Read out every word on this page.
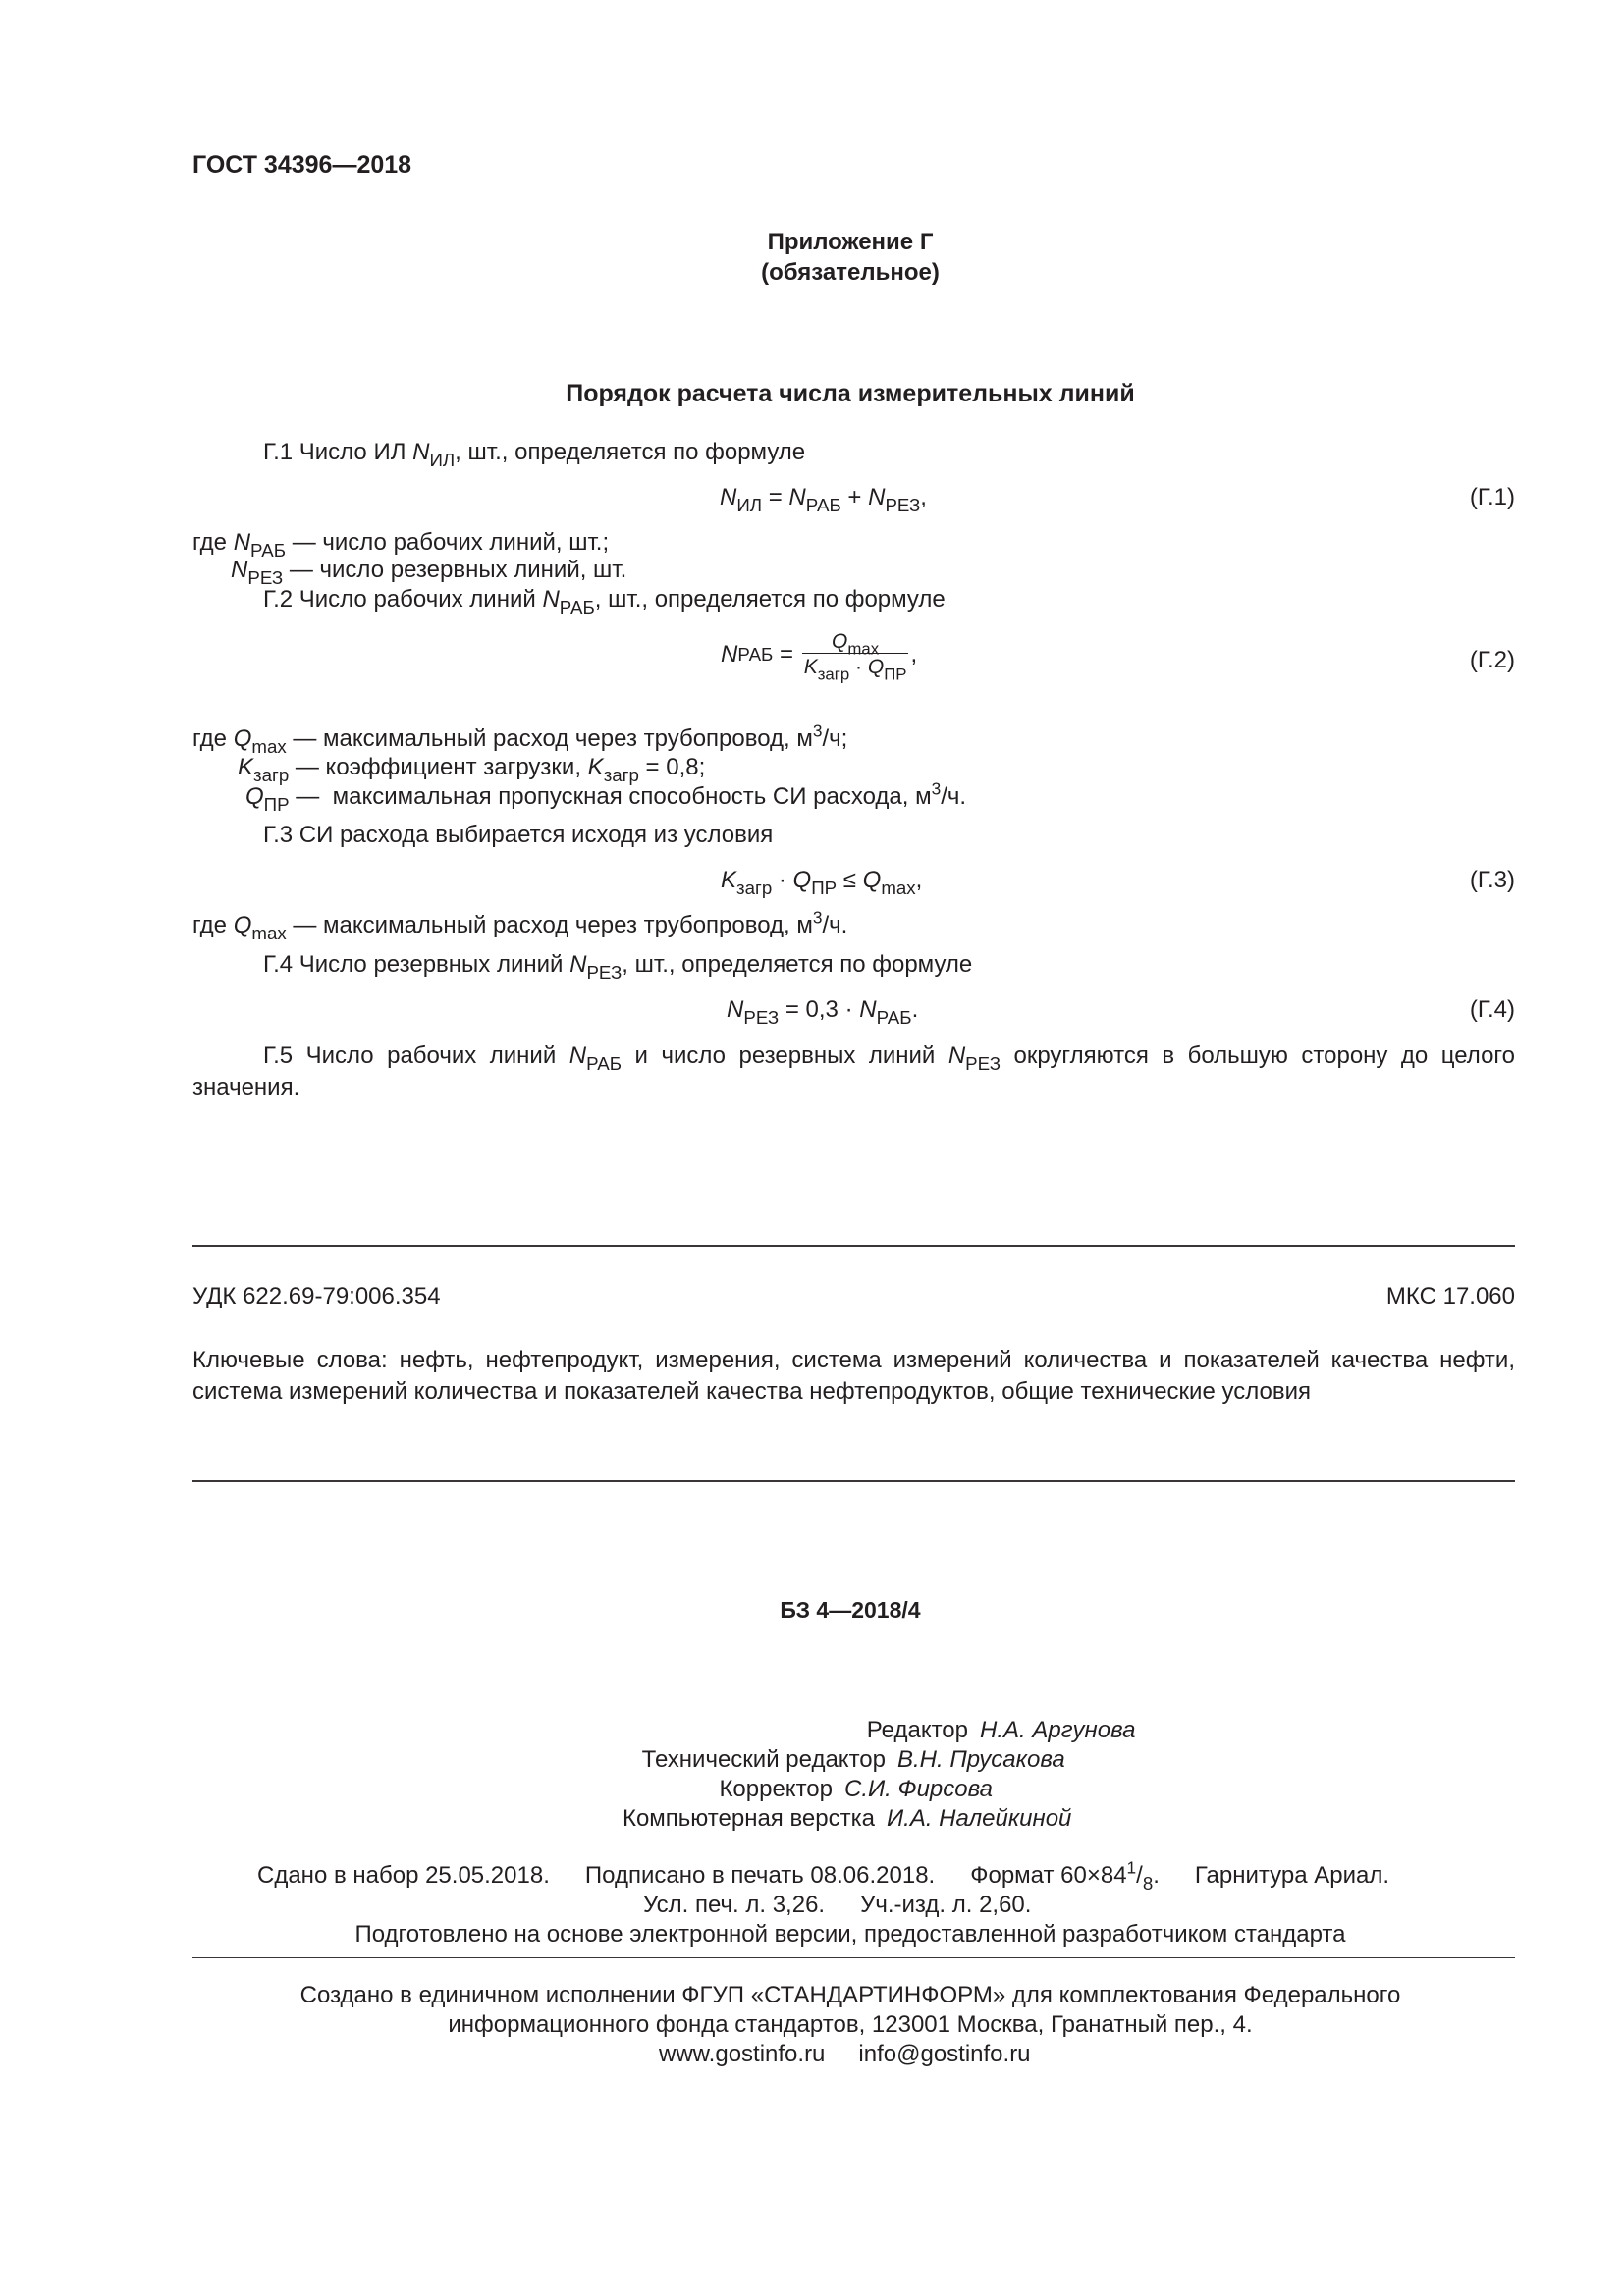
ГОСТ 34396—2018
Приложение Г
(обязательное)
Порядок расчета числа измерительных линий
Г.1 Число ИЛ $N_{ИЛ}$, шт., определяется по формуле
$N_{ИЛ} = N_{РАБ} + N_{РЕЗ}$,	(Г.1)
где $N_{РАБ}$ — число рабочих линий, шт.;
$N_{РЕЗ}$ — число резервных линий, шт.
Г.2 Число рабочих линий $N_{РАБ}$, шт., определяется по формуле
N РАБ = $\frac{Q_{max}}{K_{загр} \cdot Q_{ПР}}$ ,	(Г.2)
где $Q_{max}$ — максимальный расход через трубопровод, $м^3/ч$;
$K_{загр}$ — коэффициент загрузки, $K_{загр} = 0,8$;
$Q_{ПР}$ —  максимальная пропускная способность СИ расхода, $м^3/ч$.
Г.3 СИ расхода выбирается исходя из условия
$K_{загр} \cdot Q_{ПР} \le Q_{max}$,	(Г.3)
где $Q_{max}$ — максимальный расход через трубопровод, $м^3/ч$.
Г.4 Число резервных линий $N_{РЕЗ}$, шт., определяется по формуле
$N_{РЕЗ} = 0,3 \cdot N_{РАБ}$.	(Г.4)
Г.5 Число рабочих линий $N_{РАБ}$ и число резервных линий $N_{РЕЗ}$ округляются в большую сторону до целого значения.
УДК 622.69-79:006.354	МКС 17.060
Ключевые слова: нефть, нефтепродукт, измерения, система измерений количества и показателей качества нефти, система измерений количества и показателей качества нефтепродуктов, общие технические условия
БЗ 4—2018/4
Редактор Н.А. Аргунова
Технический редактор В.Н. Прусакова
Корректор С.И. Фирсова
Компьютерная верстка И.А. Налейкиной
Сдано в набор 25.05.2018. Подписано в печать 08.06.2018. Формат $60\times 84^1/_8$. Гарнитура Ариал.
Усл. печ. л. 3,26. Уч.-изд. л. 2,60.
Подготовлено на основе электронной версии, предоставленной разработчиком стандарта
Создано в единичном исполнении ФГУП «СТАНДАРТИНФОРМ» для комплектования Федерального
информационного фонда стандартов, 123001 Москва, Гранатный пер., 4.
www.gostinfo.ru info@gostinfo.ru
